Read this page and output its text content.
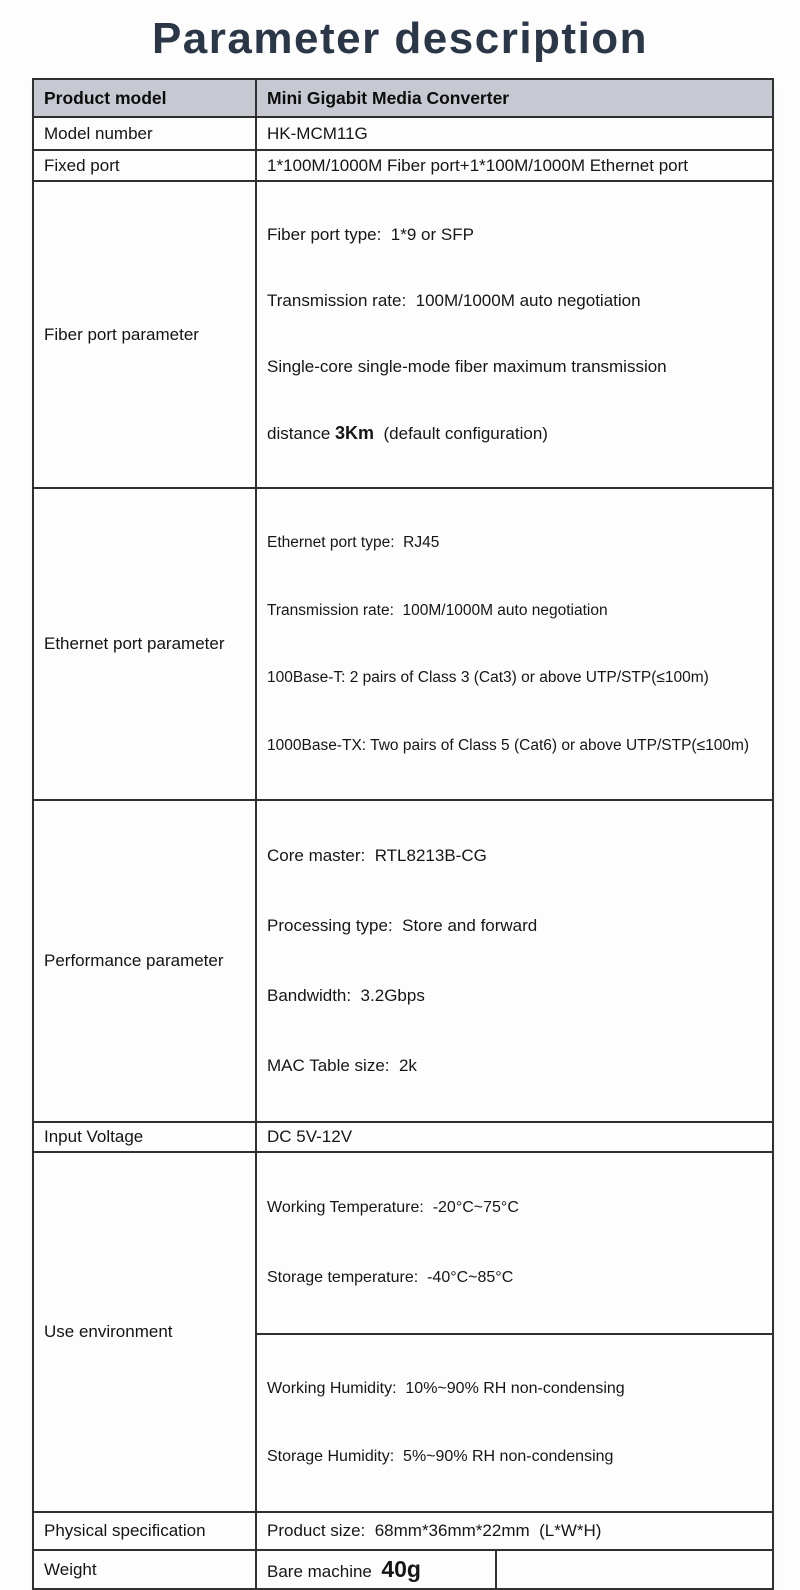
Parameter description
Product model	Mini Gigabit Media Converter	
Model number	HK-MCM11G	
Fixed port	1*100M/1000M Fiber port+1*100M/1000M Ethernet port	
Fiber port parameter	Fiber port type:  1*9 or SFP

Transmission rate:  100M/1000M auto negotiation

Single-core single-mode fiber maximum transmission

distance 3Km  (default configuration)	

Ethernet port parameter	Ethernet port type:  RJ45

Transmission rate:  100M/1000M auto negotiation

100Base-T: 2 pairs of Class 3 (Cat3) or above UTP/STP(≤100m)

1000Base-TX: Two pairs of Class 5 (Cat6) or above UTP/STP(≤100m)	

Performance parameter	Core master:  RTL8213B-CG

Processing type:  Store and forward

Bandwidth:  3.2Gbps

MAC Table size:  2k	

Input Voltage	DC 5V-12V	
Use environment	Working Temperature:  -20°C~75°C

Storage temperature:  -40°C~85°C	

	Working Humidity:  10%~90% RH non-condensing

Storage Humidity:  5%~90% RH non-condensing	

Physical specification	Product size:  68mm*36mm*22mm  (L*W*H)	
Weight	Bare machine  40g	
